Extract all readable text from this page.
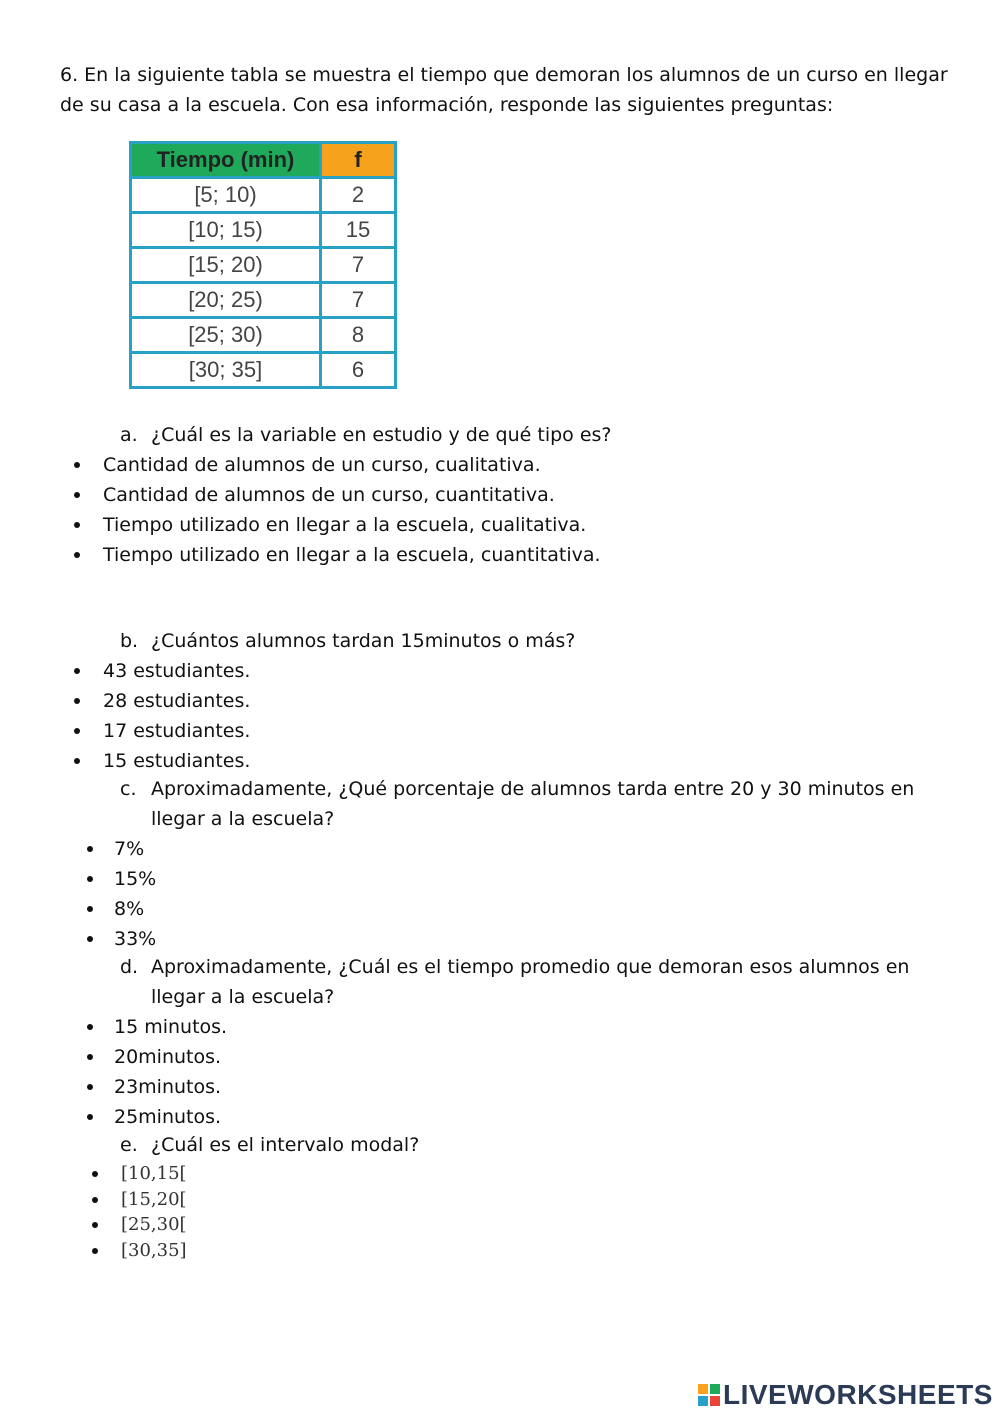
6. En la siguiente tabla se muestra el tiempo que demoran los alumnos de un curso en llegar de su casa a la escuela. Con esa información, responde las siguientes preguntas:

Tiempo (min)	f
[5; 10)	2
[10; 15)	15
[15; 20)	7
[20; 25)	7
[25; 30)	8
[30; 35]	6
a. ¿Cuál es la variable en estudio y de qué tipo es?
Cantidad de alumnos de un curso, cualitativa.
Cantidad de alumnos de un curso, cuantitativa.
Tiempo utilizado en llegar a la escuela, cualitativa.
Tiempo utilizado en llegar a la escuela, cuantitativa.
b. ¿Cuántos alumnos tardan 15minutos o más?
43 estudiantes.
28 estudiantes.
17 estudiantes.
15 estudiantes.
c. Aproximadamente, ¿Qué porcentaje de alumnos tarda entre 20 y 30 minutos en llegar a la escuela?
7%
15%
8%
33%
d. Aproximadamente, ¿Cuál es el tiempo promedio que demoran esos alumnos en llegar a la escuela?
15 minutos.
20minutos.
23minutos.
25minutos.
e. ¿Cuál es el intervalo modal?
[10,15[
[15,20[
[25,30[
[30,35]
LIVEWORKSHEETS
